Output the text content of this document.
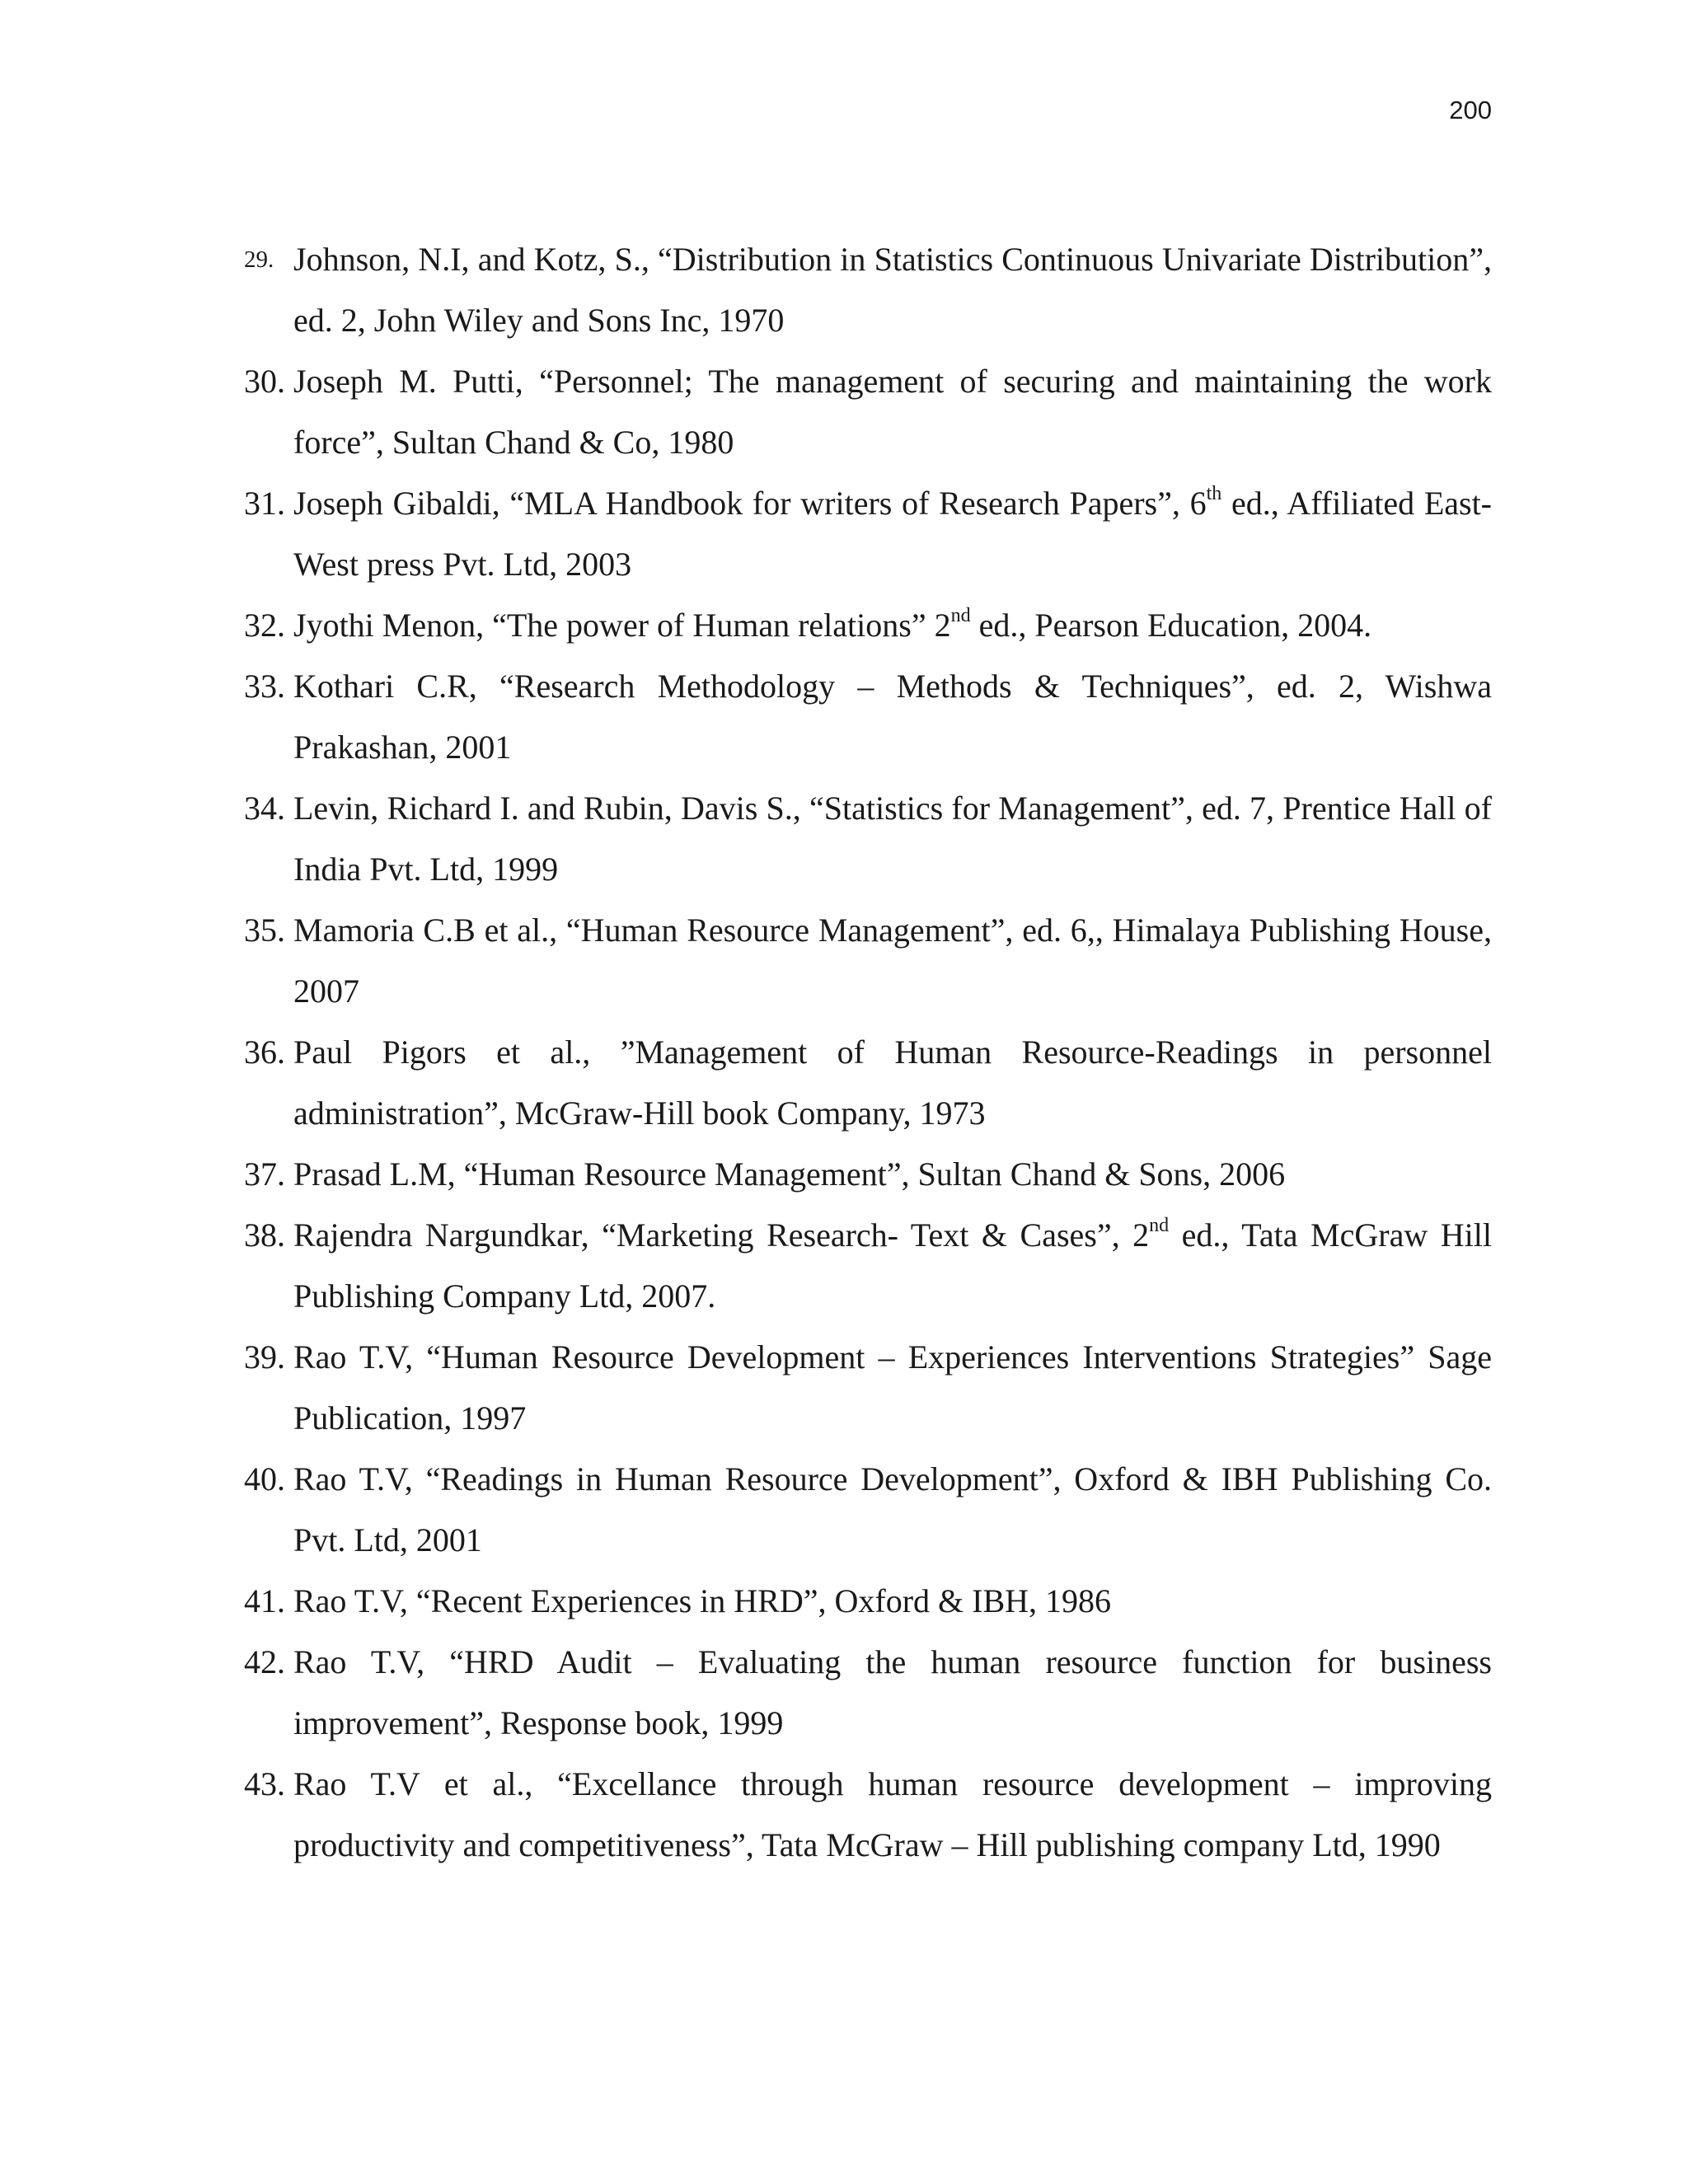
200
29. Johnson, N.I, and Kotz, S., “Distribution in Statistics Continuous Univariate Distribution”, ed. 2, John Wiley and Sons Inc, 1970
30. Joseph M. Putti, “Personnel; The management of securing and maintaining the work force”, Sultan Chand & Co, 1980
31. Joseph Gibaldi, “MLA Handbook for writers of Research Papers”, 6th ed., Affiliated East-West press Pvt. Ltd, 2003
32. Jyothi Menon, “The power of Human relations” 2nd ed., Pearson Education, 2004.
33. Kothari C.R, “Research Methodology – Methods & Techniques”, ed. 2, Wishwa Prakashan, 2001
34. Levin, Richard I. and Rubin, Davis S., “Statistics for Management”, ed. 7, Prentice Hall of India Pvt. Ltd, 1999
35. Mamoria C.B et al., “Human Resource Management”, ed. 6,, Himalaya Publishing House, 2007
36. Paul Pigors et al., ”Management of Human Resource-Readings in personnel administration”, McGraw-Hill book Company, 1973
37. Prasad L.M, “Human Resource Management”, Sultan Chand & Sons, 2006
38. Rajendra Nargundkar, “Marketing Research- Text & Cases”, 2nd ed., Tata McGraw Hill Publishing Company Ltd, 2007.
39. Rao T.V, “Human Resource Development – Experiences Interventions Strategies” Sage Publication, 1997
40. Rao T.V, “Readings in Human Resource Development”, Oxford & IBH Publishing Co. Pvt. Ltd, 2001
41. Rao T.V, “Recent Experiences in HRD”, Oxford & IBH, 1986
42. Rao T.V, “HRD Audit – Evaluating the human resource function for business improvement”, Response book, 1999
43. Rao T.V et al., “Excellance through human resource development – improving productivity and competitiveness”, Tata McGraw – Hill publishing company Ltd, 1990
